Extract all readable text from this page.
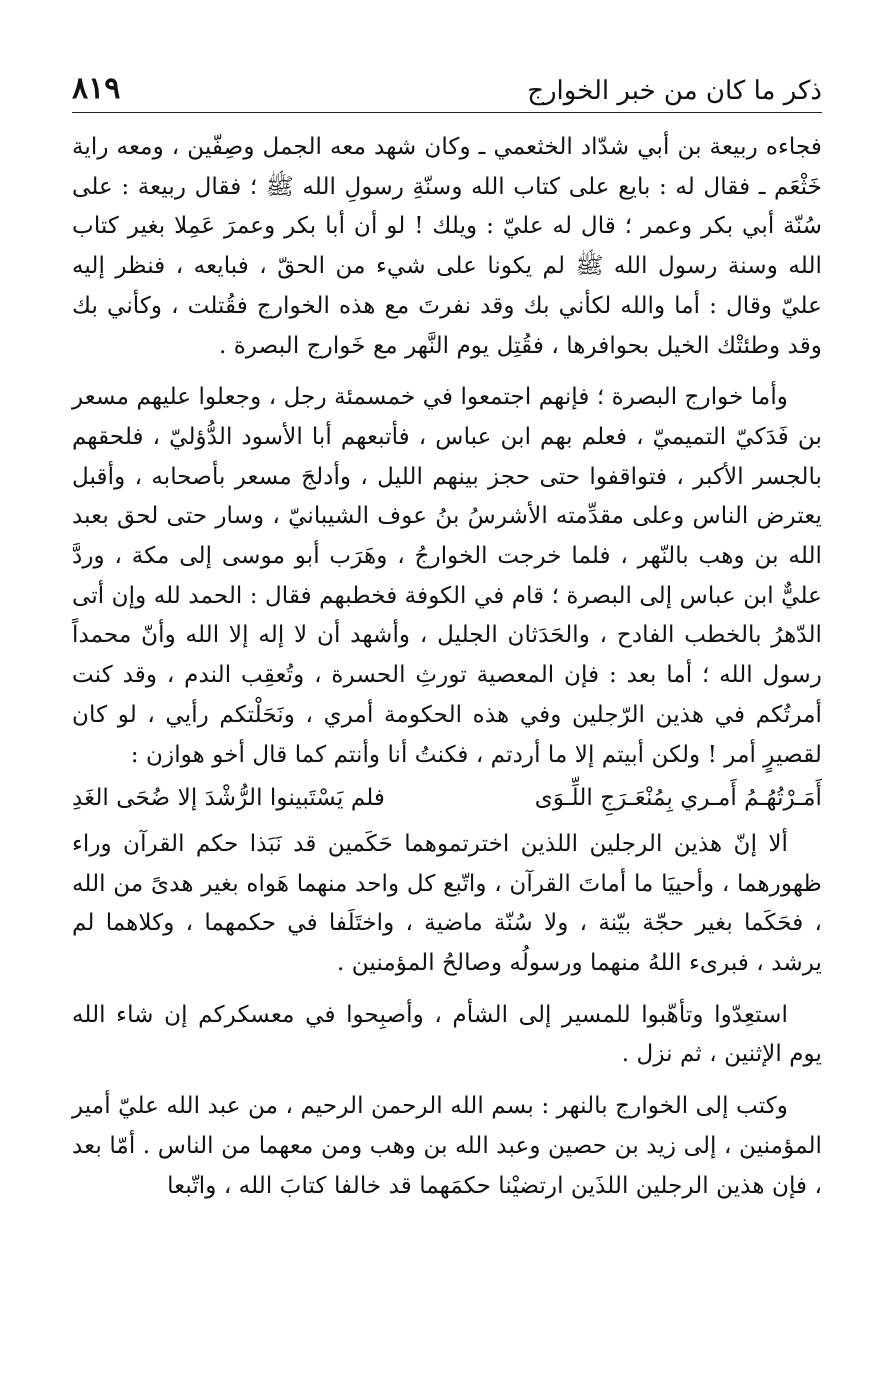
ذكر ما كان من خبر الخوارج
٨١٩

فجاءه ربيعة بن أبي شدّاد الخثعمي ـ وكان شهد معه الجمل وصِفّين ، ومعه راية خَثْعَم ـ فقال له : بايع على كتاب الله وسنّةِ رسولِ الله ﷺ ؛ فقال ربيعة : على سُنّة أبي بكر وعمر ؛ قال له عليّ : ويلك ! لو أن أبا بكر وعمرَ عَمِلا بغير كتاب الله وسنة رسول الله ﷺ لم يكونا على شيء من الحقّ ، فبايعه ، فنظر إليه عليّ وقال : أما والله لكأني بك وقد نفرتَ مع هذه الخوارج فقُتلت ، وكأني بك وقد وطئتْك الخيل بحوافرها ، فقُتِل يوم النَّهر مع خَوارج البصرة .

وأما خوارج البصرة ؛ فإنهم اجتمعوا في خمسمئة رجل ، وجعلوا عليهم مسعر بن فَدَكيّ التميميّ ، فعلم بهم ابن عباس ، فأتبعهم أبا الأسود الدُّؤليّ ، فلحقهم بالجسر الأكبر ، فتواقفوا حتى حجز بينهم الليل ، وأدلجَ مسعر بأصحابه ، وأقبل يعترض الناس وعلى مقدِّمته الأشرسُ بنُ عوف الشيبانيّ ، وسار حتى لحق بعبد الله بن وهب بالنّهر ، فلما خرجت الخوارجُ ، وهَرَب أبو موسى إلى مكة ، وردَّ عليٌّ ابن عباس إلى البصرة ؛ قام في الكوفة فخطبهم فقال : الحمد لله وإن أتى الدّهرُ بالخطب الفادح ، والحَدَثان الجليل ، وأشهد أن لا إله إلا الله وأنّ محمداً رسول الله ؛ أما بعد : فإن المعصية تورثِ الحسرة ، وتُعقِب الندم ، وقد كنت أمرتُكم في هذين الرّجلين وفي هذه الحكومة أمري ، ونَحَلْتكم رأيي ، لو كان لقصيرٍ أمر ! ولكن أبيتم إلا ما أردتم ، فكنتُ أنا وأنتم كما قال أخو هوازن :

أَمَـرْتُهُـمُ أَمـري بِمُنْعَـرَجِ اللِّـوَى
فلم يَسْتَبينوا الرُّشْدَ إلا ضُحَى الغَدِ

ألا إنّ هذين الرجلين اللذين اخترتموهما حَكَمين قد نَبَذا حكم القرآن وراء ظهورهما ، وأحييَا ما أماتَ القرآن ، واتّبع كل واحد منهما هَواه بغير هدىً من الله ، فحَكَما بغير حجّة بيّنة ، ولا سُنّة ماضية ، واختَلَفا في حكمهما ، وكلاهما لم يرشد ، فبرىء اللهُ منهما ورسولُه وصالحُ المؤمنين .

استعِدّوا وتأهّبوا للمسير إلى الشأم ، وأصبِحوا في معسكركم إن شاء الله يوم الإثنين ، ثم نزل .

وكتب إلى الخوارج بالنهر : بسم الله الرحمن الرحيم ، من عبد الله عليّ أمير المؤمنين ، إلى زيد بن حصين وعبد الله بن وهب ومن معهما من الناس . أمّا بعد ، فإن هذين الرجلين اللذَين ارتضيْنا حكمَهما قد خالفا كتابَ الله ، واتّبعا
